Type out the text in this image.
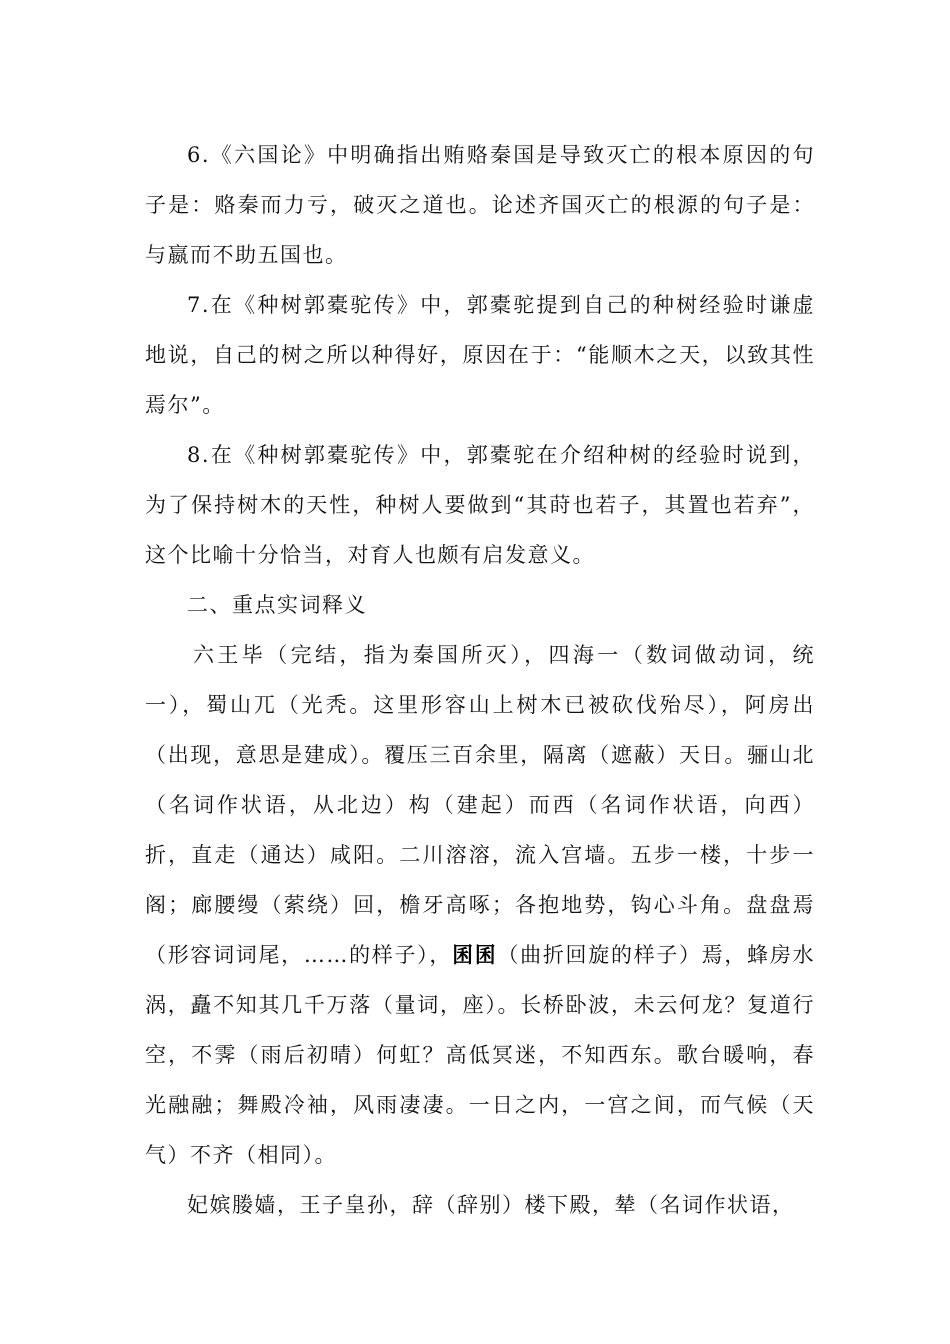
6.《六国论》中明确指出贿赂秦国是导致灭亡的根本原因的句子是：赂秦而力亏，破灭之道也。论述齐国灭亡的根源的句子是：与嬴而不助五国也。

7.在《种树郭橐驼传》中，郭橐驼提到自己的种树经验时谦虚地说，自己的树之所以种得好，原因在于：“能顺木之天，以致其性焉尔”。

8.在《种树郭橐驼传》中，郭橐驼在介绍种树的经验时说到，为了保持树木的天性，种树人要做到“其莳也若子，其置也若弃”，这个比喻十分恰当，对育人也颇有启发意义。

二、重点实词释义

六王毕（完结，指为秦国所灭），四海一（数词做动词，统一），蜀山兀（光秃。这里形容山上树木已被砍伐殆尽），阿房出（出现，意思是建成）。覆压三百余里，隔离（遮蔽）天日。骊山北（名词作状语，从北边）构（建起）而西（名词作状语，向西）折，直走（通达）咸阳。二川溶溶，流入宫墙。五步一楼，十步一阁；廊腰缦（萦绕）回，檐牙高啄；各抱地势，钩心斗角。盘盘焉（形容词词尾，……的样子），囷囷（曲折回旋的样子）焉，蜂房水涡，矗不知其几千万落（量词，座）。长桥卧波，未云何龙？复道行空，不霁（雨后初晴）何虹？高低冥迷，不知西东。歌台暖响，春光融融；舞殿冷袖，风雨凄凄。一日之内，一宫之间，而气候（天气）不齐（相同）。

妃嫔媵嫱，王子皇孙，辞（辞别）楼下殿，辇（名词作状语，
